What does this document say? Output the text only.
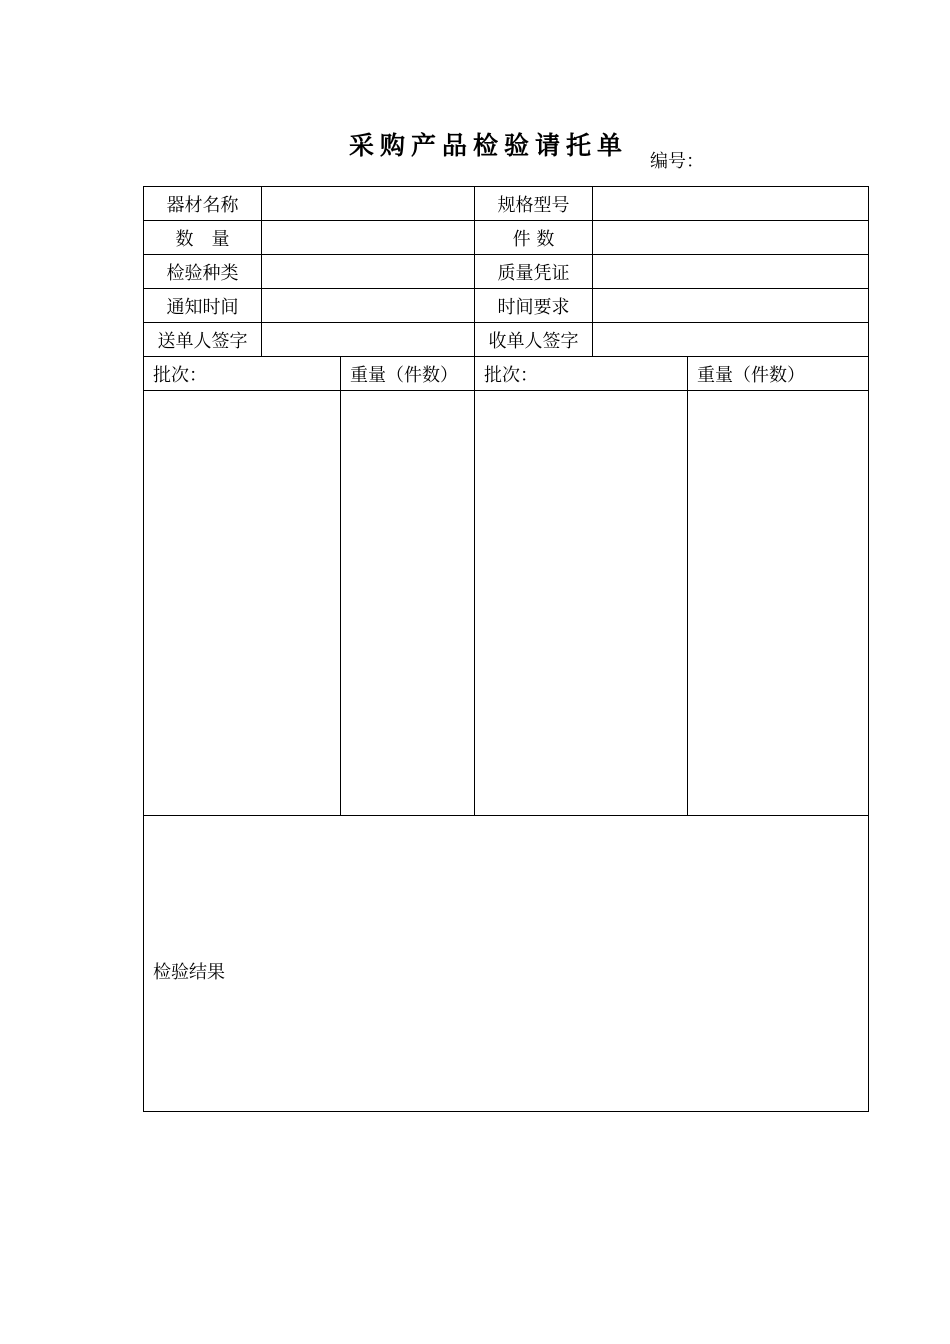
采购产品检验请托单
编号：
器材名称			规格型号		
数　量			件 数		
检验种类			质量凭证		
通知时间			时间要求		
送单人签字			收单人签字		
批次：		重量（件数）	批次：		重量（件数）

检验结果					
